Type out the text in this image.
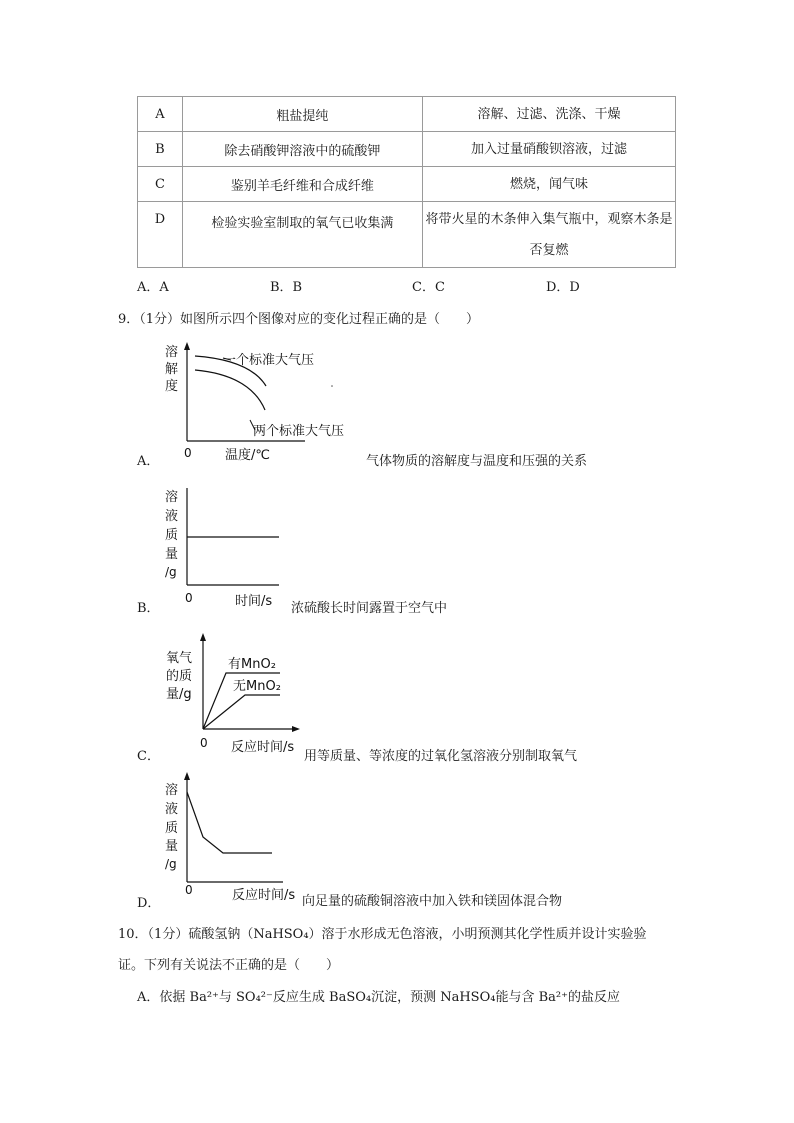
A	粗盐提纯	溶解、过滤、洗涤、干燥
B	除去硝酸钾溶液中的硫酸钾	加入过量硝酸钡溶液，过滤
C	鉴别羊毛纤维和合成纤维	燃烧，闻气味
D	检验实验室制取的氧气已收集满	将带火星的木条伸入集气瓶中，观察木条是否复燃
A．A	B．B	C．C	D．D
9．（1分）如图所示四个图像对应的变化过程正确的是（　　）
A．
溶
解
度
0	温度/℃
一个标准大气压
两个标准大气压
气体物质的溶解度与温度和压强的关系
B．
溶
液
质
量
/g
0	时间/s 浓硫酸长时间露置于空气中
C．
氧气
的质
量/g
0 反应时间/s
有MnO₂
无MnO₂
用等质量、等浓度的过氧化氢溶液分别制取氧气
D．
溶
液
质
量
/g
0	反应时间/s 向足量的硫酸铜溶液中加入铁和镁固体混合物
10．（1分）硫酸氢钠（NaHSO₄）溶于水形成无色溶液，小明预测其化学性质并设计实验验
证。下列有关说法不正确的是（　　）
A．依据 Ba²⁺与 SO₄²⁻反应生成 BaSO₄沉淀，预测 NaHSO₄能与含 Ba²⁺的盐反应
